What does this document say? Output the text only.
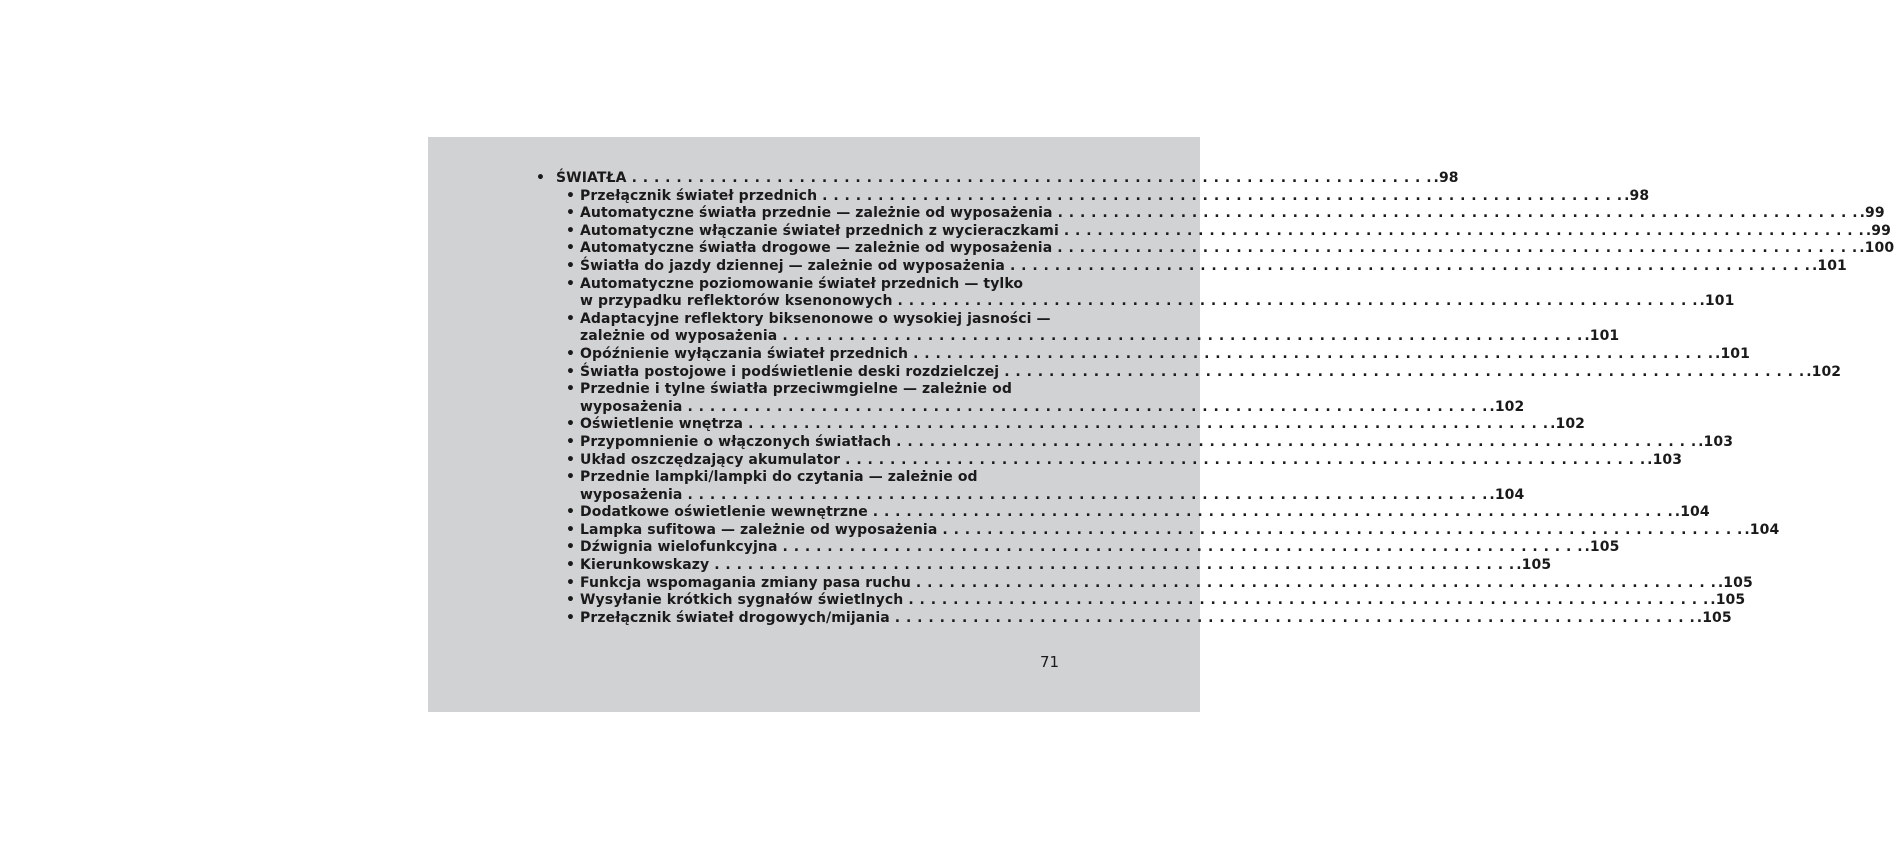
• ŚWIATŁA . . .	.98
• Przełącznik świateł przednich . . .	.98
• Automatyczne światła przednie — zależnie od wyposażenia . . .	.99
• Automatyczne włączanie świateł przednich z wycieraczkami . . .	.99
• Automatyczne światła drogowe — zależnie od wyposażenia . . .	.100
• Światła do jazdy dziennej — zależnie od wyposażenia . . .	.101
• Automatyczne poziomowanie świateł przednich — tylko
w przypadku reflektorów ksenonowych . . .	.101
• Adaptacyjne reflektory biksenonowe o wysokiej jasności —
zależnie od wyposażenia . . .	.101
• Opóźnienie wyłączania świateł przednich . . .	.101
• Światła postojowe i podświetlenie deski rozdzielczej . . .	.102
• Przednie i tylne światła przeciwmgielne — zależnie od
wyposażenia . . .	.102
• Oświetlenie wnętrza . . .	.102
• Przypomnienie o włączonych światłach . . .	.103
• Układ oszczędzający akumulator . . .	.103
• Przednie lampki/lampki do czytania — zależnie od
wyposażenia . . .	.104
• Dodatkowe oświetlenie wewnętrzne . . .	.104
• Lampka sufitowa — zależnie od wyposażenia . . .	.104
• Dźwignia wielofunkcyjna . . .	.105
• Kierunkowskazy . . .	.105
• Funkcja wspomagania zmiany pasa ruchu . . .	.105
• Wysyłanie krótkich sygnałów świetlnych . . .	.105
• Przełącznik świateł drogowych/mijania . . .	.105
71
